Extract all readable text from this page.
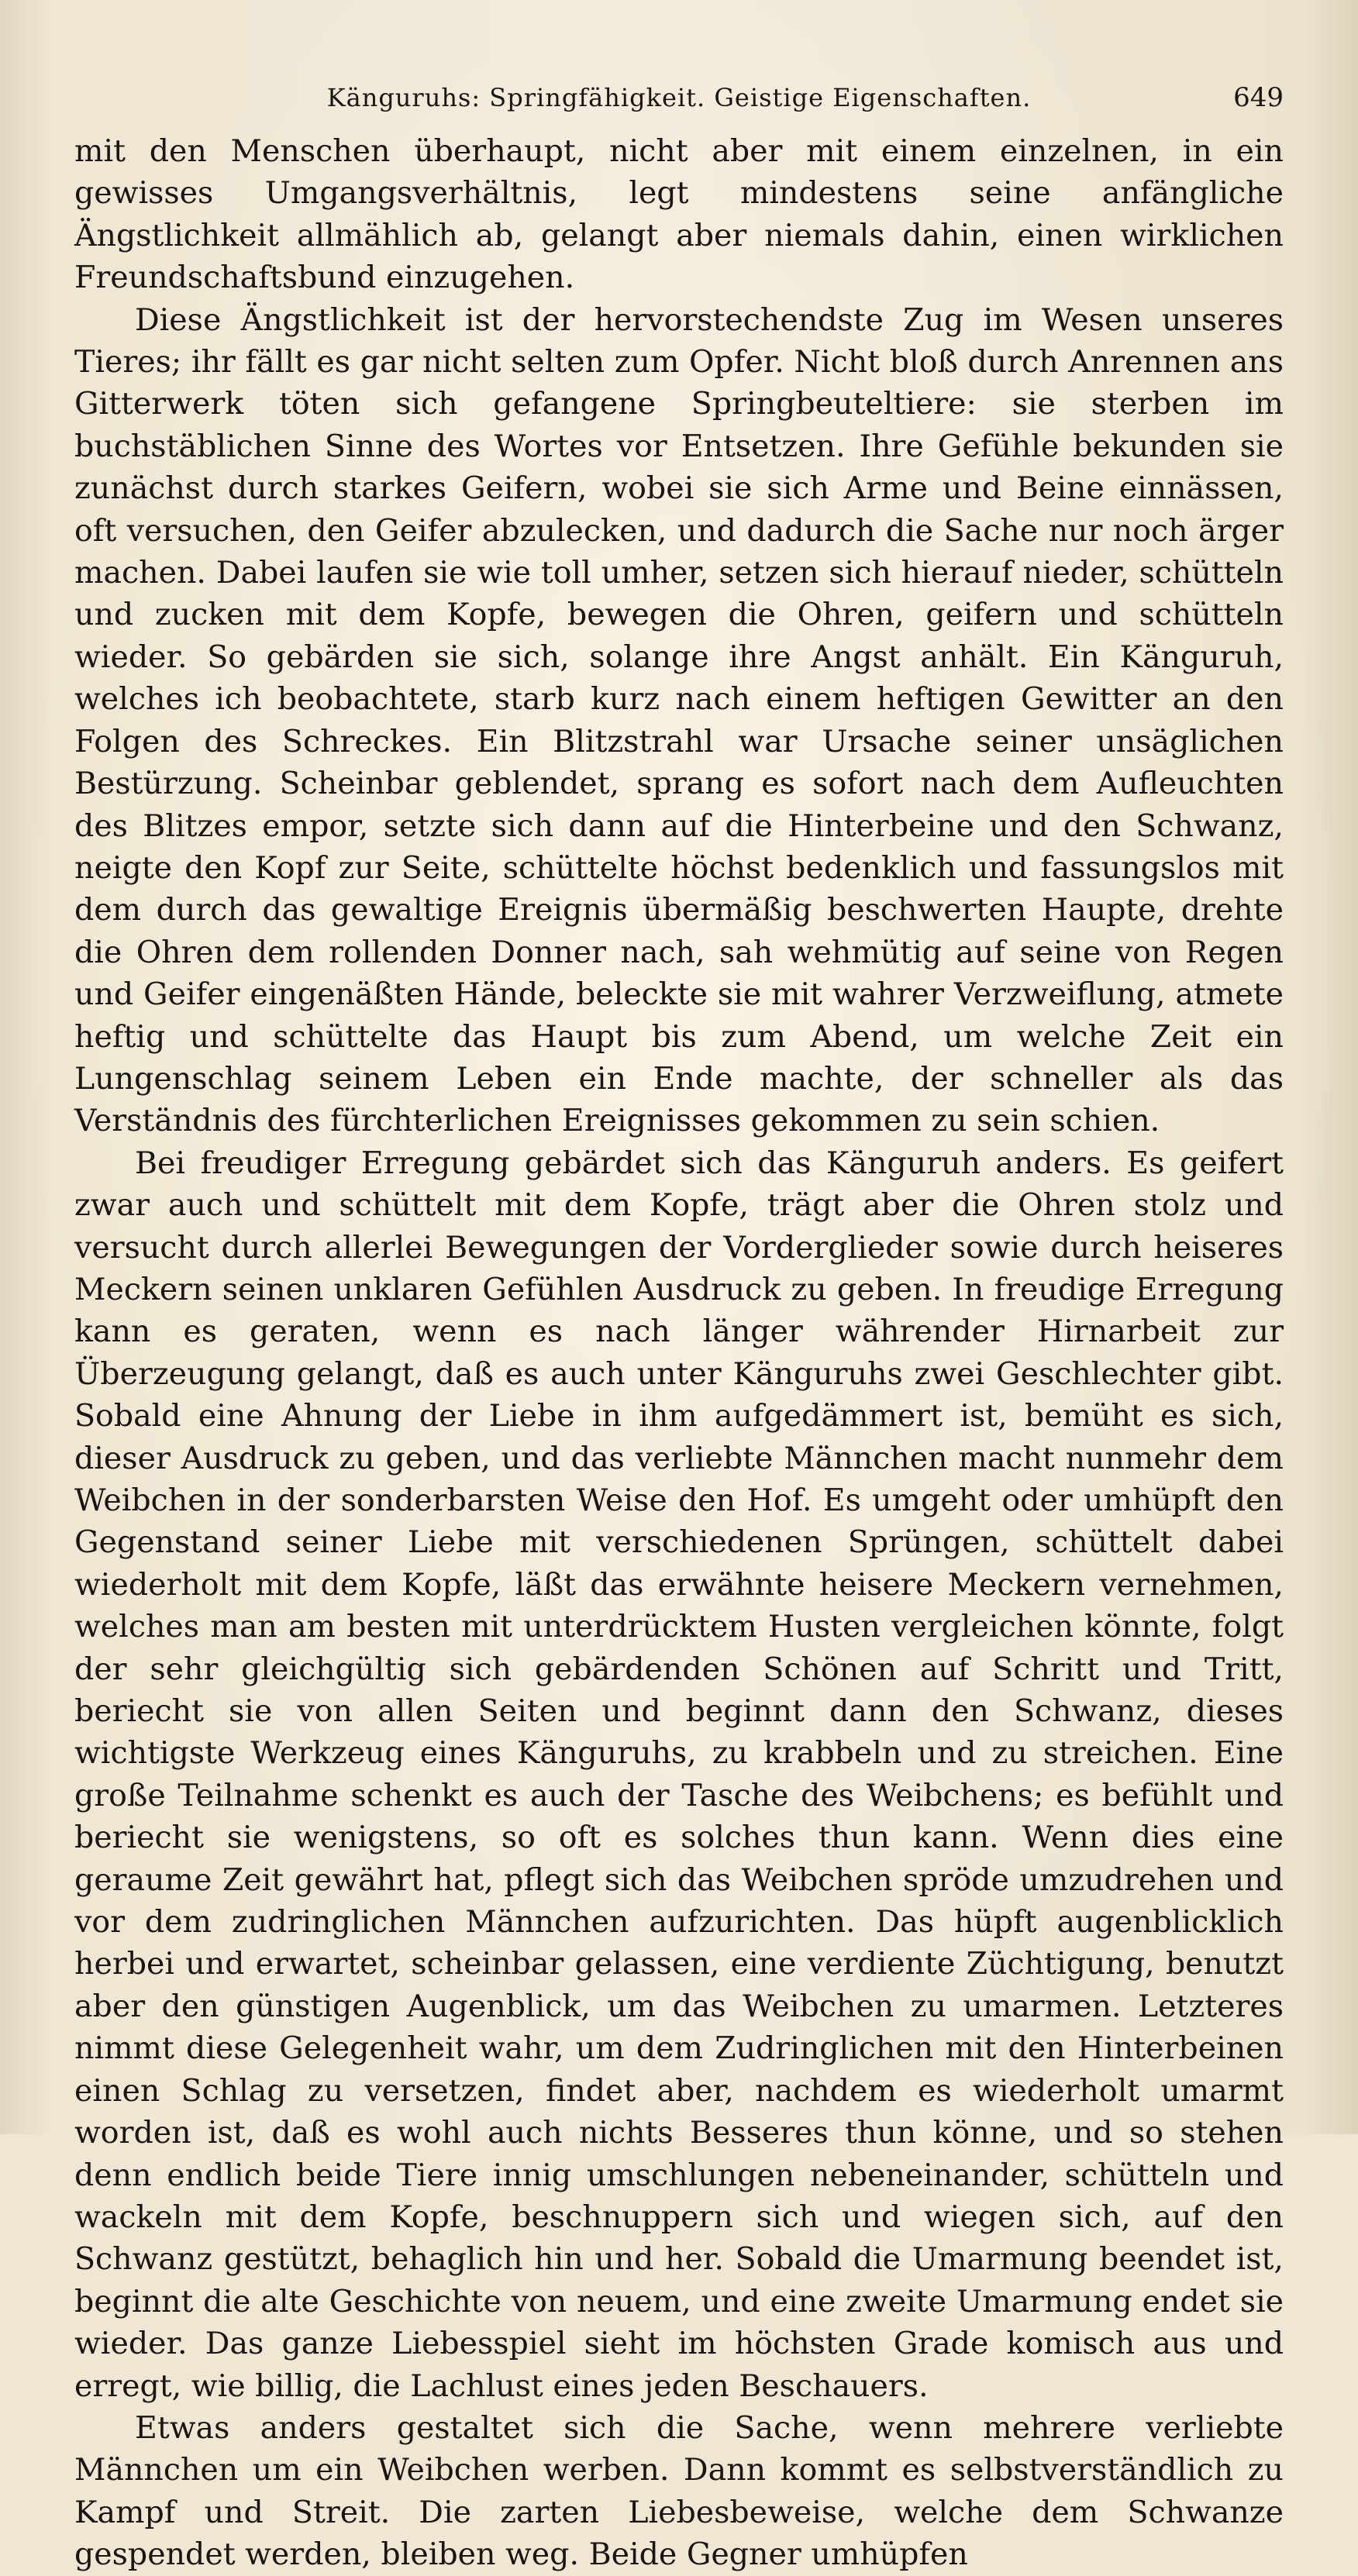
Känguruhs: Springfähigkeit. Geistige Eigenschaften.	649

mit den Menschen überhaupt, nicht aber mit einem einzelnen, in ein gewisses Umgangsverhältnis, legt mindestens seine anfängliche Ängstlichkeit allmählich ab, gelangt aber niemals dahin, einen wirklichen Freundschaftsbund einzugehen.

Diese Ängstlichkeit ist der hervorstechendste Zug im Wesen unseres Tieres; ihr fällt es gar nicht selten zum Opfer. Nicht bloß durch Anrennen ans Gitterwerk töten sich gefangene Springbeuteltiere: sie sterben im buchstäblichen Sinne des Wortes vor Entsetzen. Ihre Gefühle bekunden sie zunächst durch starkes Geifern, wobei sie sich Arme und Beine einnässen, oft versuchen, den Geifer abzulecken, und dadurch die Sache nur noch ärger machen. Dabei laufen sie wie toll umher, setzen sich hierauf nieder, schütteln und zucken mit dem Kopfe, bewegen die Ohren, geifern und schütteln wieder. So gebärden sie sich, solange ihre Angst anhält. Ein Känguruh, welches ich beobachtete, starb kurz nach einem heftigen Gewitter an den Folgen des Schreckes. Ein Blitzstrahl war Ursache seiner unsäglichen Bestürzung. Scheinbar geblendet, sprang es sofort nach dem Aufleuchten des Blitzes empor, setzte sich dann auf die Hinterbeine und den Schwanz, neigte den Kopf zur Seite, schüttelte höchst bedenklich und fassungslos mit dem durch das gewaltige Ereignis übermäßig beschwerten Haupte, drehte die Ohren dem rollenden Donner nach, sah wehmütig auf seine von Regen und Geifer eingenäßten Hände, beleckte sie mit wahrer Verzweiflung, atmete heftig und schüttelte das Haupt bis zum Abend, um welche Zeit ein Lungenschlag seinem Leben ein Ende machte, der schneller als das Verständnis des fürchterlichen Ereignisses gekommen zu sein schien.

Bei freudiger Erregung gebärdet sich das Känguruh anders. Es geifert zwar auch und schüttelt mit dem Kopfe, trägt aber die Ohren stolz und versucht durch allerlei Bewegungen der Vorderglieder sowie durch heiseres Meckern seinen unklaren Gefühlen Ausdruck zu geben. In freudige Erregung kann es geraten, wenn es nach länger währender Hirnarbeit zur Überzeugung gelangt, daß es auch unter Känguruhs zwei Geschlechter gibt. Sobald eine Ahnung der Liebe in ihm aufgedämmert ist, bemüht es sich, dieser Ausdruck zu geben, und das verliebte Männchen macht nunmehr dem Weibchen in der sonderbarsten Weise den Hof. Es umgeht oder umhüpft den Gegenstand seiner Liebe mit verschiedenen Sprüngen, schüttelt dabei wiederholt mit dem Kopfe, läßt das erwähnte heisere Meckern vernehmen, welches man am besten mit unterdrücktem Husten vergleichen könnte, folgt der sehr gleichgültig sich gebärdenden Schönen auf Schritt und Tritt, beriecht sie von allen Seiten und beginnt dann den Schwanz, dieses wichtigste Werkzeug eines Känguruhs, zu krabbeln und zu streichen. Eine große Teilnahme schenkt es auch der Tasche des Weibchens; es befühlt und beriecht sie wenigstens, so oft es solches thun kann. Wenn dies eine geraume Zeit gewährt hat, pflegt sich das Weibchen spröde umzudrehen und vor dem zudringlichen Männchen aufzurichten. Das hüpft augenblicklich herbei und erwartet, scheinbar gelassen, eine verdiente Züchtigung, benutzt aber den günstigen Augenblick, um das Weibchen zu umarmen. Letzteres nimmt diese Gelegenheit wahr, um dem Zudringlichen mit den Hinterbeinen einen Schlag zu versetzen, findet aber, nachdem es wiederholt umarmt worden ist, daß es wohl auch nichts Besseres thun könne, und so stehen denn endlich beide Tiere innig umschlungen nebeneinander, schütteln und wackeln mit dem Kopfe, beschnuppern sich und wiegen sich, auf den Schwanz gestützt, behaglich hin und her. Sobald die Umarmung beendet ist, beginnt die alte Geschichte von neuem, und eine zweite Umarmung endet sie wieder. Das ganze Liebesspiel sieht im höchsten Grade komisch aus und erregt, wie billig, die Lachlust eines jeden Beschauers.

Etwas anders gestaltet sich die Sache, wenn mehrere verliebte Männchen um ein Weibchen werben. Dann kommt es selbstverständlich zu Kampf und Streit. Die zarten Liebesbeweise, welche dem Schwanze gespendet werden, bleiben weg. Beide Gegner umhüpfen
